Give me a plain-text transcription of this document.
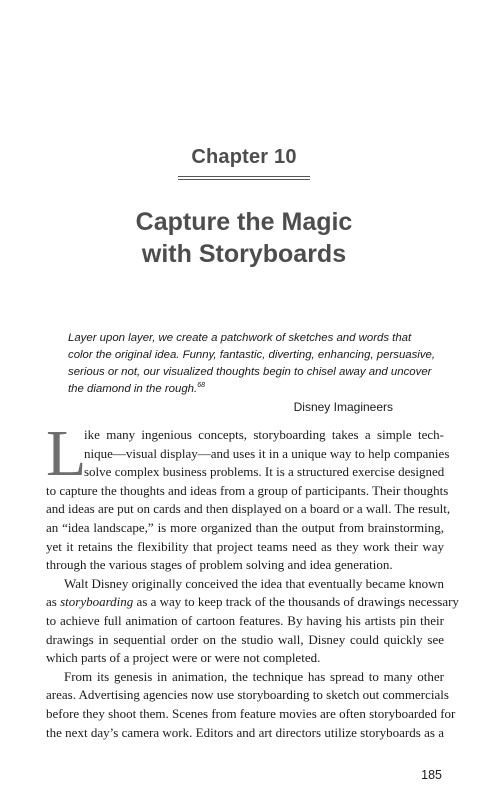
Chapter 10
Capture the Magic
with Storyboards
Layer upon layer, we create a patchwork of sketches and words that
color the original idea. Funny, fantastic, diverting, enhancing, persuasive,
serious or not, our visualized thoughts begin to chisel away and uncover
the diamond in the rough.$^{68}$
Disney Imagineers
L
ike many ingenious concepts, storyboarding takes a simple tech-
nique—visual display—and uses it in a unique way to help companies
solve complex business problems. It is a structured exercise designed
to capture the thoughts and ideas from a group of participants. Their thoughts
and ideas are put on cards and then displayed on a board or a wall. The result,
an “idea landscape,” is more organized than the output from brainstorming,
yet it retains the flexibility that project teams need as they work their way
through the various stages of problem solving and idea generation.
Walt Disney originally conceived the idea that eventually became known
as storyboarding as a way to keep track of the thousands of drawings necessary
to achieve full animation of cartoon features. By having his artists pin their
drawings in sequential order on the studio wall, Disney could quickly see
which parts of a project were or were not completed.
From its genesis in animation, the technique has spread to many other
areas. Advertising agencies now use storyboarding to sketch out commercials
before they shoot them. Scenes from feature movies are often storyboarded for
the next day’s camera work. Editors and art directors utilize storyboards as a
185
